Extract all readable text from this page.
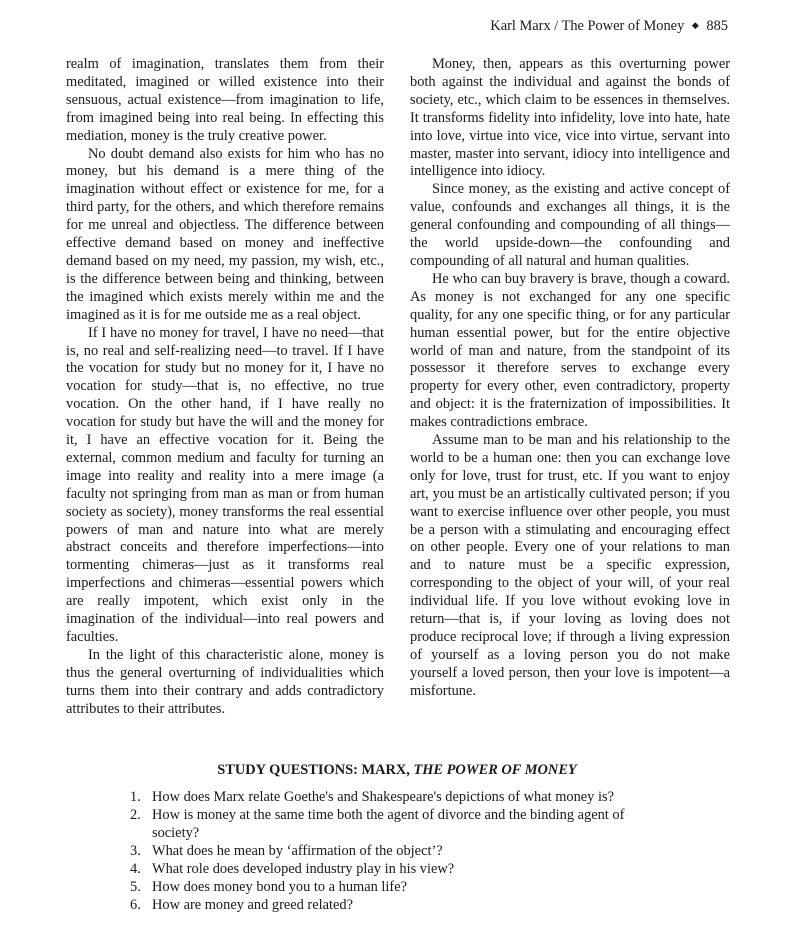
Karl Marx / The Power of Money ◆ 885

realm of imagination, translates them from their meditated, imagined or willed existence into their sensuous, actual existence—from imagination to life, from imagined being into real being. In effecting this mediation, money is the truly creative power.

No doubt demand also exists for him who has no money, but his demand is a mere thing of the imagination without effect or existence for me, for a third party, for the others, and which therefore remains for me unreal and objectless. The difference between effective demand based on money and ineffective demand based on my need, my passion, my wish, etc., is the difference between being and thinking, between the imagined which exists merely within me and the imagined as it is for me outside me as a real object.

If I have no money for travel, I have no need—that is, no real and self-realizing need—to travel. If I have the vocation for study but no money for it, I have no vocation for study—that is, no effective, no true vocation. On the other hand, if I have really no vocation for study but have the will and the money for it, I have an effective vocation for it. Being the external, common medium and faculty for turning an image into reality and reality into a mere image (a faculty not springing from man as man or from human society as society), money transforms the real essential powers of man and nature into what are merely abstract conceits and therefore imperfections—into tormenting chimeras—just as it transforms real imperfections and chimeras—essential powers which are really impotent, which exist only in the imagination of the individual—into real powers and faculties.

In the light of this characteristic alone, money is thus the general overturning of individualities which turns them into their contrary and adds contradictory attributes to their attributes.

Money, then, appears as this overturning power both against the individual and against the bonds of society, etc., which claim to be essences in themselves. It transforms fidelity into infidelity, love into hate, hate into love, virtue into vice, vice into virtue, servant into master, master into servant, idiocy into intelligence and intelligence into idiocy.

Since money, as the existing and active concept of value, confounds and exchanges all things, it is the general confounding and compounding of all things—the world upside-down—the confounding and compounding of all natural and human qualities.

He who can buy bravery is brave, though a coward. As money is not exchanged for any one specific quality, for any one specific thing, or for any particular human essential power, but for the entire objective world of man and nature, from the standpoint of its possessor it therefore serves to exchange every property for every other, even contradictory, property and object: it is the fraternization of impossibilities. It makes contradictions embrace.

Assume man to be man and his relationship to the world to be a human one: then you can exchange love only for love, trust for trust, etc. If you want to enjoy art, you must be an artistically cultivated person; if you want to exercise influence over other people, you must be a person with a stimulating and encouraging effect on other people. Every one of your relations to man and to nature must be a specific expression, corresponding to the object of your will, of your real individual life. If you love without evoking love in return—that is, if your loving as loving does not produce reciprocal love; if through a living expression of yourself as a loving person you do not make yourself a loved person, then your love is impotent—a misfortune.

STUDY QUESTIONS: MARX, THE POWER OF MONEY
1. How does Marx relate Goethe's and Shakespeare's depictions of what money is?
2. How is money at the same time both the agent of divorce and the binding agent of society?
3. What does he mean by ‘affirmation of the object’?
4. What role does developed industry play in his view?
5. How does money bond you to a human life?
6. How are money and greed related?
